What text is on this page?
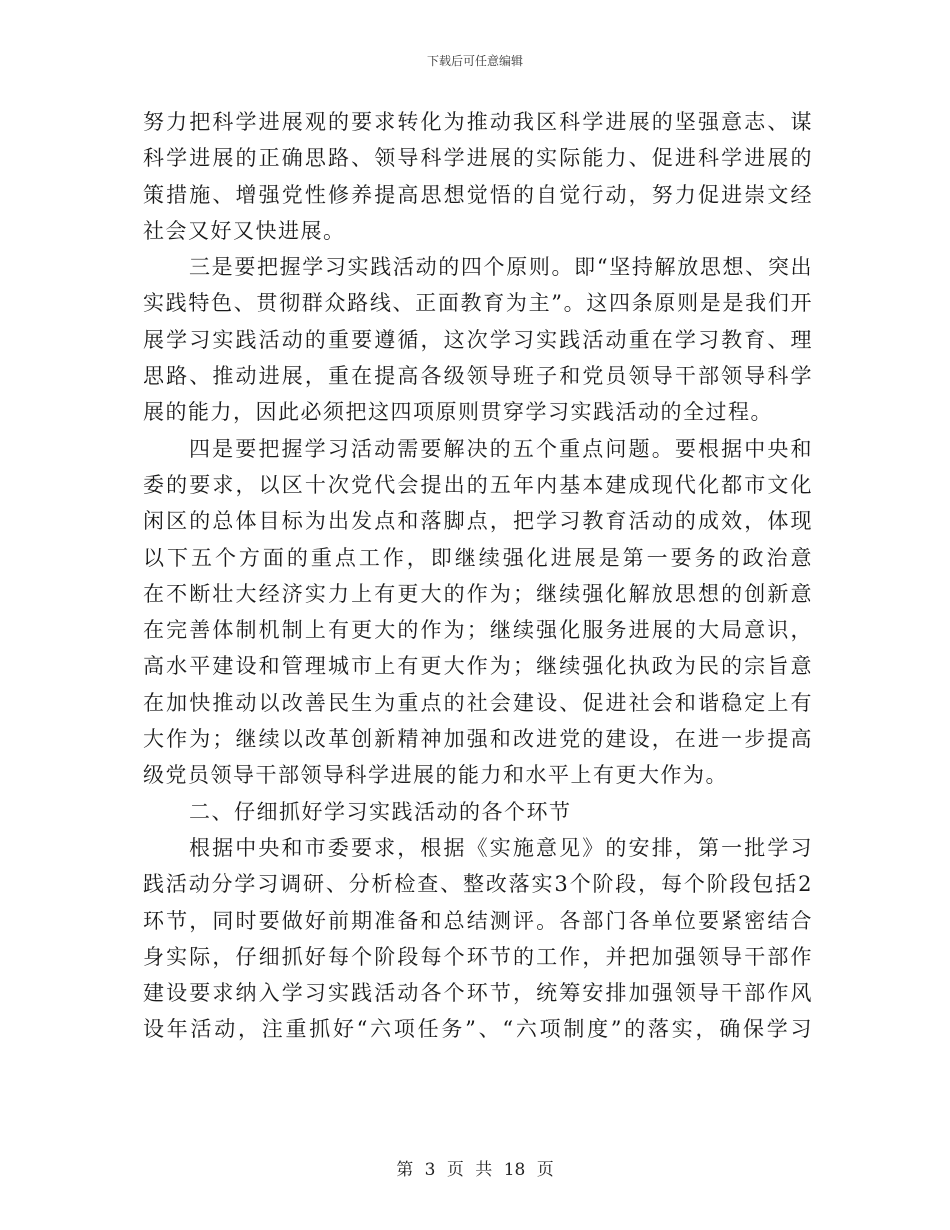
下载后可任意编辑
努力把科学进展观的要求转化为推动我区科学进展的坚强意志、谋
科学进展的正确思路、领导科学进展的实际能力、促进科学进展的
策措施、增强党性修养提高思想觉悟的自觉行动，努力促进崇文经
社会又好又快进展。
三是要把握学习实践活动的四个原则。即“坚持解放思想、突出
实践特色、贯彻群众路线、正面教育为主”。这四条原则是是我们开
展学习实践活动的重要遵循，这次学习实践活动重在学习教育、理
思路、推动进展，重在提高各级领导班子和党员领导干部领导科学
展的能力，因此必须把这四项原则贯穿学习实践活动的全过程。
四是要把握学习活动需要解决的五个重点问题。要根据中央和
委的要求，以区十次党代会提出的五年内基本建成现代化都市文化
闲区的总体目标为出发点和落脚点，把学习教育活动的成效，体现
以下五个方面的重点工作，即继续强化进展是第一要务的政治意
在不断壮大经济实力上有更大的作为；继续强化解放思想的创新意
在完善体制机制上有更大的作为；继续强化服务进展的大局意识，
高水平建设和管理城市上有更大作为；继续强化执政为民的宗旨意
在加快推动以改善民生为重点的社会建设、促进社会和谐稳定上有
大作为；继续以改革创新精神加强和改进党的建设，在进一步提高
级党员领导干部领导科学进展的能力和水平上有更大作为。
二、仔细抓好学习实践活动的各个环节
根据中央和市委要求，根据《实施意见》的安排，第一批学习
践活动分学习调研、分析检查、整改落实3个阶段，每个阶段包括2
环节，同时要做好前期准备和总结测评。各部门各单位要紧密结合
身实际，仔细抓好每个阶段每个环节的工作，并把加强领导干部作
建设要求纳入学习实践活动各个环节，统筹安排加强领导干部作风
设年活动，注重抓好“六项任务”、“六项制度”的落实，确保学习
第 3 页 共 18 页
